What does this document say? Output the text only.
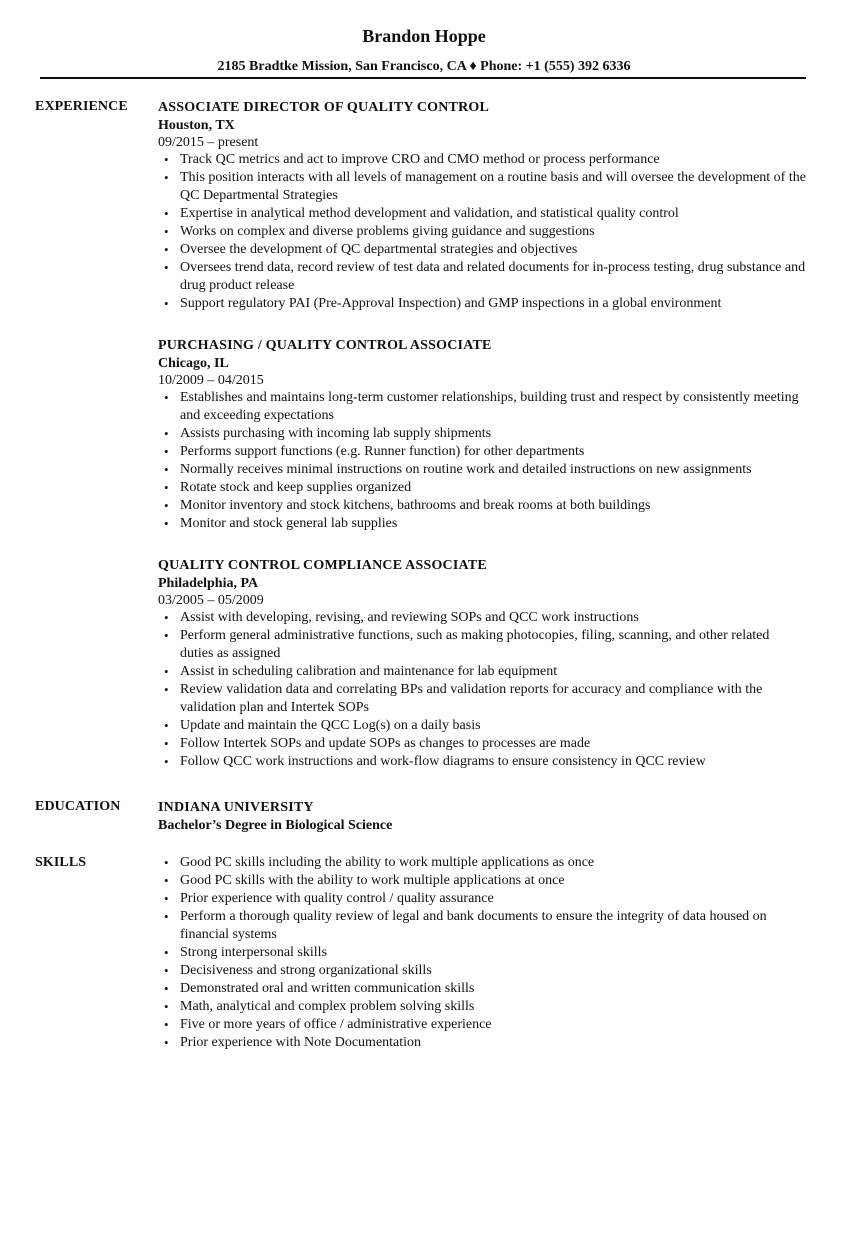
Brandon Hoppe
2185 Bradtke Mission, San Francisco, CA ♦ Phone: +1 (555) 392 6336
EXPERIENCE ASSOCIATE DIRECTOR OF QUALITY CONTROL
Houston, TX
09/2015 – present
• Track QC metrics and act to improve CRO and CMO method or process performance
• This position interacts with all levels of management on a routine basis and will oversee the development of the QC Departmental Strategies
• Expertise in analytical method development and validation, and statistical quality control
• Works on complex and diverse problems giving guidance and suggestions
• Oversee the development of QC departmental strategies and objectives
• Oversees trend data, record review of test data and related documents for in-process testing, drug substance and drug product release
• Support regulatory PAI (Pre-Approval Inspection) and GMP inspections in a global environment
PURCHASING / QUALITY CONTROL ASSOCIATE
Chicago, IL
10/2009 – 04/2015
• Establishes and maintains long-term customer relationships, building trust and respect by consistently meeting and exceeding expectations
• Assists purchasing with incoming lab supply shipments
• Performs support functions (e.g. Runner function) for other departments
• Normally receives minimal instructions on routine work and detailed instructions on new assignments
• Rotate stock and keep supplies organized
• Monitor inventory and stock kitchens, bathrooms and break rooms at both buildings
• Monitor and stock general lab supplies
QUALITY CONTROL COMPLIANCE ASSOCIATE
Philadelphia, PA
03/2005 – 05/2009
• Assist with developing, revising, and reviewing SOPs and QCC work instructions
• Perform general administrative functions, such as making photocopies, filing, scanning, and other related duties as assigned
• Assist in scheduling calibration and maintenance for lab equipment
• Review validation data and correlating BPs and validation reports for accuracy and compliance with the validation plan and Intertek SOPs
• Update and maintain the QCC Log(s) on a daily basis
• Follow Intertek SOPs and update SOPs as changes to processes are made
• Follow QCC work instructions and work-flow diagrams to ensure consistency in QCC review
EDUCATION	INDIANA UNIVERSITY
Bachelor’s Degree in Biological Science
SKILLS
•	Good PC skills including the ability to work multiple applications as once
• Good PC skills with the ability to work multiple applications at once
• Prior experience with quality control / quality assurance
• Perform a thorough quality review of legal and bank documents to ensure the integrity of data housed on financial systems
• Strong interpersonal skills
• Decisiveness and strong organizational skills
• Demonstrated oral and written communication skills
• Math, analytical and complex problem solving skills
• Five or more years of office / administrative experience
• Prior experience with Note Documentation
